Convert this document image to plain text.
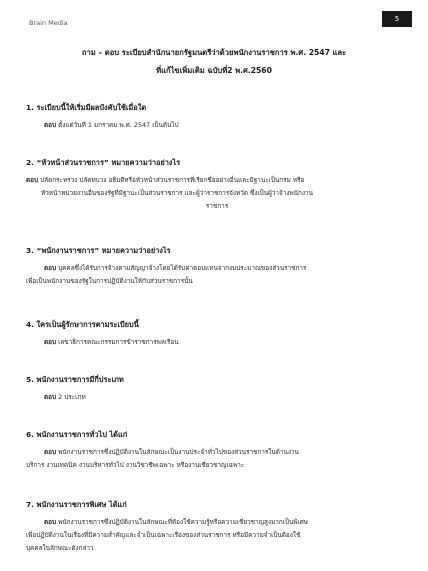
Brain Media	5
ถาม – ตอบ ระเบียบสำนักนายกรัฐมนตรีว่าด้วยพนักงานราชการ พ.ศ. 2547 และ
ที่แก้ไขเพิ่มเติม ฉบับที่2 พ.ศ.2560
1. ระเบียบนี้ให้เริ่มมีผลบังคับใช้เมื่อใด
ตอบ ตั้งแต่วันที่ 1 มกราคม พ.ศ. 2547 เป็นต้นไป
2. “หัวหน้าส่วนราชการ” หมายความว่าอย่างไร
ตอบ ปลัดกระทรวง ปลัดทบวง อธิบดีหรือหัวหน้าส่วนราชการที่เรียกชื่ออย่างอื่นและมีฐานะเป็นกรม หรือ
หัวหน้าหน่วยงานอื่นของรัฐที่มีฐานะเป็นส่วนราชการ และผู้ว่าราชการจังหวัด ซึ่งเป็นผู้ว่าจ้างพนักงาน
ราชการ
3. “พนักงานราชการ” หมายความว่าอย่างไร
ตอบ บุคคลซึ่งได้รับการจ้างตามสัญญาจ้างโดยได้รับค่าตอบแทนจากงบประมาณของส่วนราชการ
เพื่อเป็นพนักงานของรัฐในการปฏิบัติงานให้กับส่วนราชการนั้น
4. ใครเป็นผู้รักษาการตามระเบียบนี้
ตอบ เลขาธิการคณะกรรมการข้าราชการพลเรือน
5. พนักงานราชการมีกี่ประเภท
ตอบ 2 ประเภท
6. พนักงานราชการทั่วไป ได้แก่
ตอบ พนักงานราชการซึ่งปฏิบัติงานในลักษณะเป็นงานประจำทั่วไปของส่วนราชการในด้านงาน
บริการ งานเทคนิค งานบริหารทั่วไป งานวิชาชีพเฉพาะ หรืองานเชี่ยวชาญเฉพาะ
7. พนักงานราชการพิเศษ ได้แก่
ตอบ พนักงานราชการซึ่งปฏิบัติงานในลักษณะที่ต้องใช้ความรู้หรือความเชี่ยวชาญสูงมากเป็นพิเศษ
เพื่อปฏิบัติงานในเรื่องที่มีความสำคัญและจำเป็นเฉพาะเรื่องของส่วนราชการ หรือมีความจำเป็นต้องใช้
บุคคลในลักษณะดังกล่าว
